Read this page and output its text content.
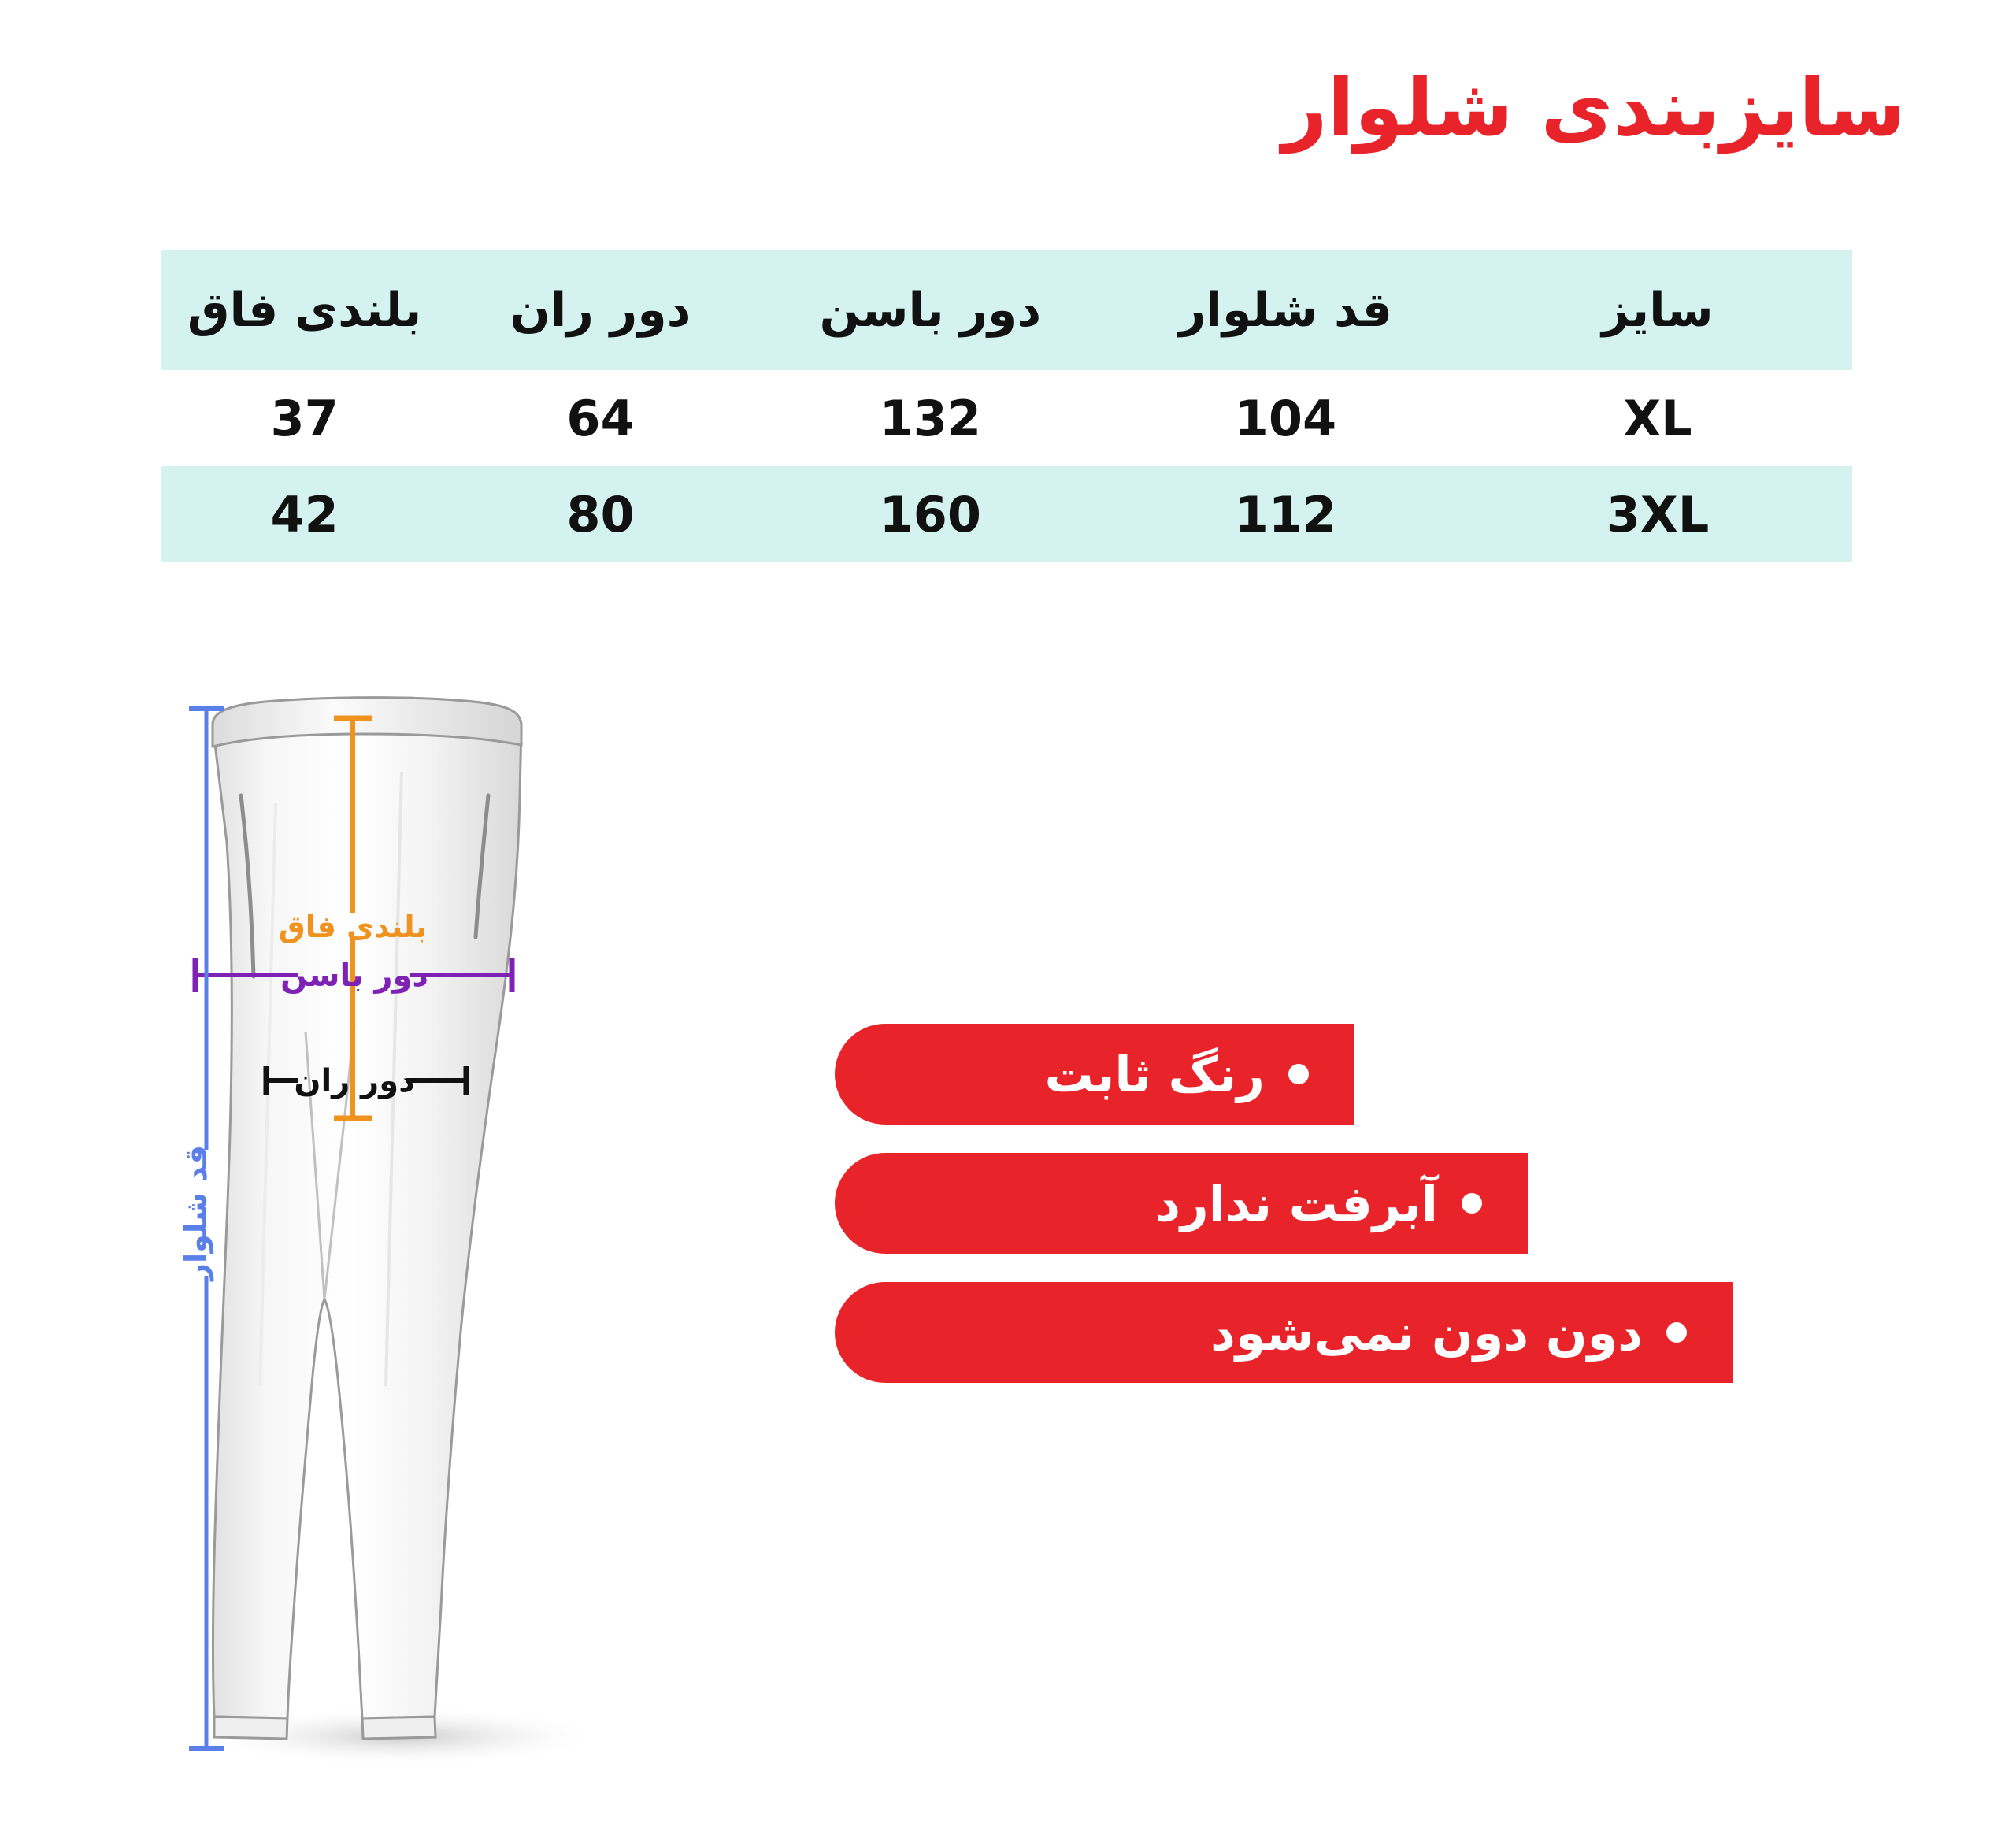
سایزبندی شلوار
سایز	قد شلوار	دور باسن	دور ران	بلندی فاق
XL	104	132	64	37
3XL	112	160	80	42
بلندی فاق
دور باسن
دور ران
قد شلوار
رنگ ثابت
آبرفت ندارد
دون دون نمی‌شود
